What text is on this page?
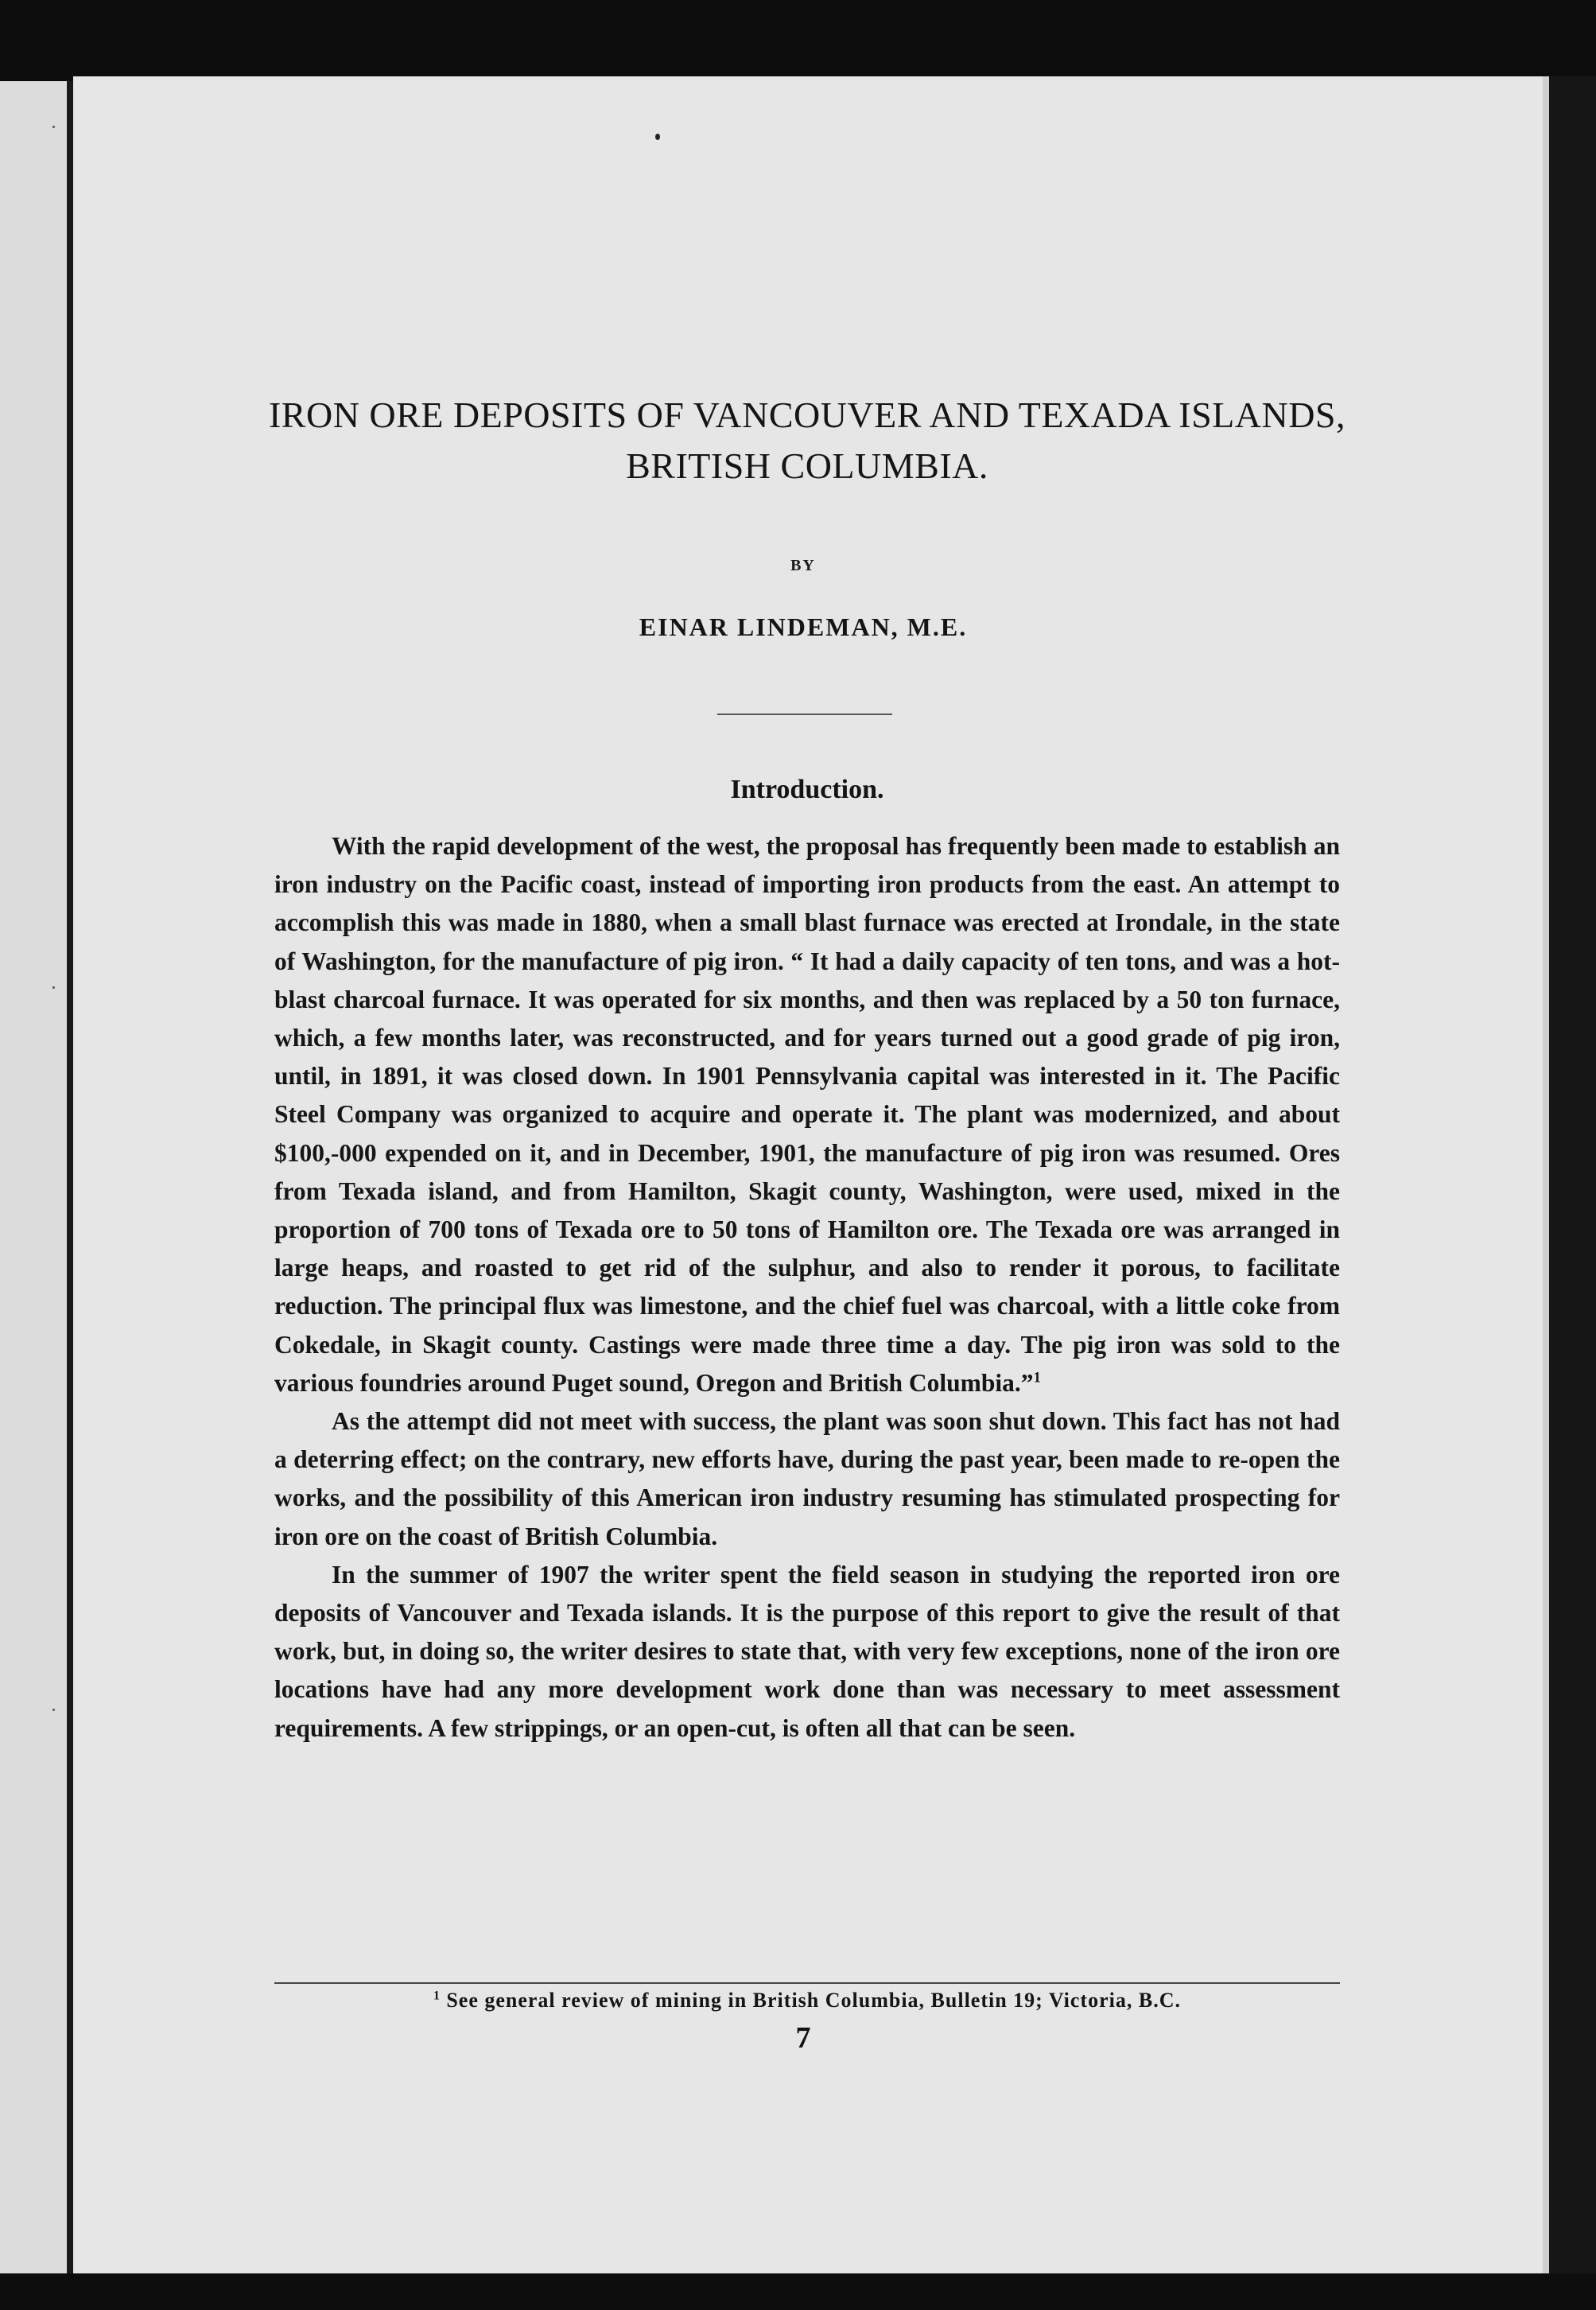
IRON ORE DEPOSITS OF VANCOUVER AND TEXADA ISLANDS, BRITISH COLUMBIA.
BY
EINAR LINDEMAN, M.E.
Introduction.

With the rapid development of the west, the proposal has frequently been made to establish an iron industry on the Pacific coast, instead of importing iron products from the east. An attempt to accomplish this was made in 1880, when a small blast furnace was erected at Irondale, in the state of Washington, for the manufacture of pig iron. “ It had a daily capacity of ten tons, and was a hot-blast charcoal furnace. It was operated for six months, and then was replaced by a 50 ton furnace, which, a few months later, was reconstructed, and for years turned out a good grade of pig iron, until, in 1891, it was closed down. In 1901 Pennsylvania capital was interested in it. The Pacific Steel Company was organized to acquire and operate it. The plant was modernized, and about $100,-000 expended on it, and in December, 1901, the manufacture of pig iron was resumed. Ores from Texada island, and from Hamilton, Skagit county, Washington, were used, mixed in the proportion of 700 tons of Texada ore to 50 tons of Hamilton ore. The Texada ore was arranged in large heaps, and roasted to get rid of the sulphur, and also to render it porous, to facilitate reduction. The principal flux was limestone, and the chief fuel was charcoal, with a little coke from Cokedale, in Skagit county. Castings were made three time a day. The pig iron was sold to the various foundries around Puget sound, Oregon and British Columbia.”$^1$

As the attempt did not meet with success, the plant was soon shut down. This fact has not had a deterring effect; on the contrary, new efforts have, during the past year, been made to re-open the works, and the possibility of this American iron industry resuming has stimulated prospecting for iron ore on the coast of British Columbia.

In the summer of 1907 the writer spent the field season in studying the reported iron ore deposits of Vancouver and Texada islands. It is the purpose of this report to give the result of that work, but, in doing so, the writer desires to state that, with very few exceptions, none of the iron ore locations have had any more development work done than was necessary to meet assessment requirements. A few strippings, or an open-cut, is often all that can be seen.

$^1$ See general review of mining in British Columbia, Bulletin 19; Victoria, B.C.
7
